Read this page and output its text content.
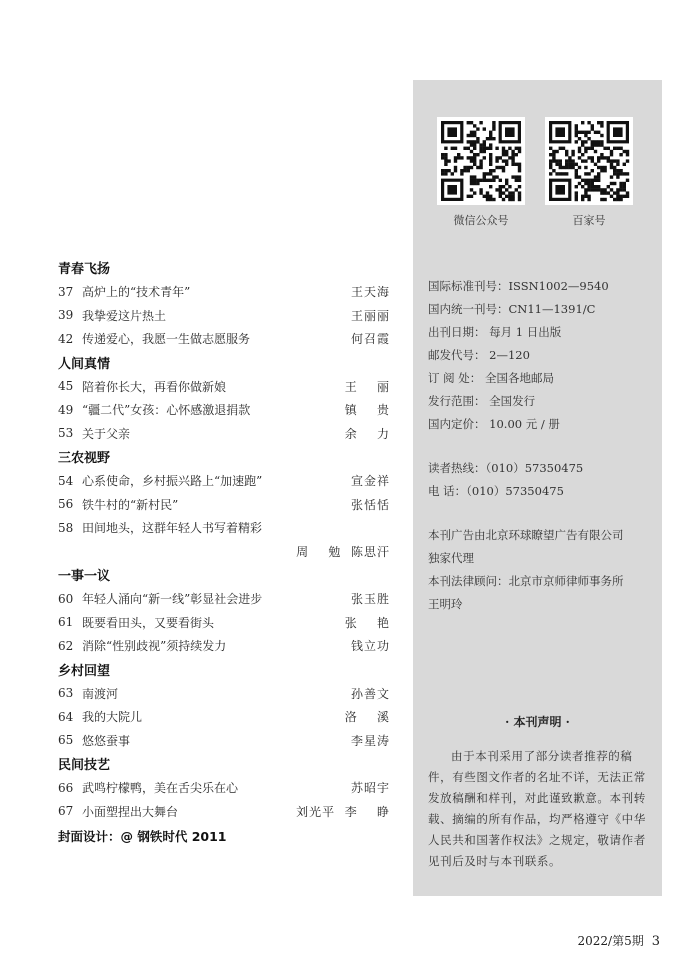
青春飞扬
37 高炉上的“技术青年”	王天海
39 我挚爱这片热土	王丽丽
42 传递爱心，我愿一生做志愿服务	何召霞
人间真情
45 陪着你长大，再看你做新娘	王    丽
49 “疆二代”女孩：心怀感激退捐款	镇    贵
53 关于父亲	余    力
三农视野
54 心系使命，乡村振兴路上“加速跑”	宣金祥
56 铁牛村的“新村民”	张恬恬
58 田间地头，这群年轻人书写着精彩
周    勉  陈思汗
一事一议
60 年轻人涌向“新一线”彰显社会进步	张玉胜
61 既要看田头，又要看街头	张    艳
62 消除“性别歧视”须持续发力	钱立功
乡村回望
63 南渡河	孙善文
64 我的大院儿	洛    溪
65 悠悠蚕事	李星涛
民间技艺
66 武鸣柠檬鸭，美在舌尖乐在心	苏昭宇
67 小面塑捏出大舞台	刘光平  李    睁
封面设计：@ 钢铁时代 2011
微信公众号	百家号
国际标准刊号：ISSN1002—9540
国内统一刊号：CN11—1391/C
出刊日期： 每月 1 日出版
邮发代号： 2—120
订 阅 处： 全国各地邮局
发行范围： 全国发行
国内定价： 10.00 元 / 册
读者热线：（010）57350475
电 话：（010）57350475
本刊广告由北京环球瞭望广告有限公司
独家代理
本刊法律顾问：北京市京师律师事务所
王明玲
· 本刊声明 ·
由于本刊采用了部分读者推荐的稿件，有些图文作者的名址不详，无法正常发放稿酬和样刊，对此谨致歉意。本刊转载、摘编的所有作品，均严格遵守《中华人民共和国著作权法》之规定，敬请作者见刊后及时与本刊联系。
2022/第5期 3
